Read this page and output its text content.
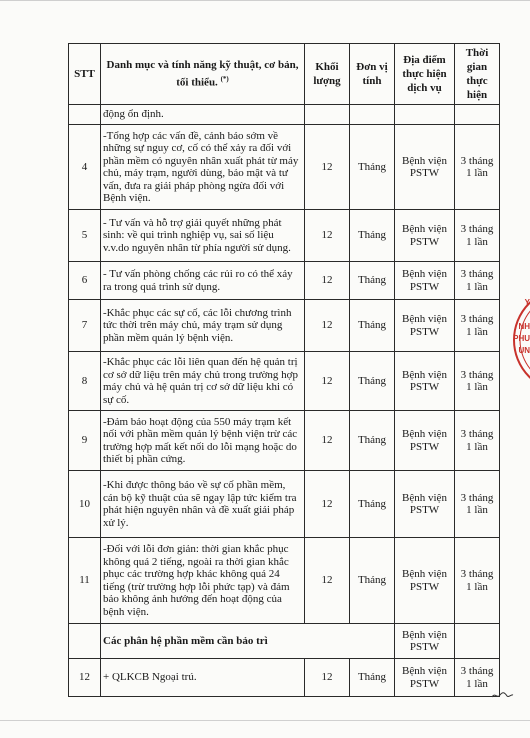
STT	Danh mục và tính năng kỹ thuật, cơ bản, tối thiểu. (*)	Khối lượng	Đơn vị tính	Địa điểm thực hiện dịch vụ	Thời gian thực hiện
	động ổn định.				
4	-Tổng hợp các vấn đề, cảnh báo sớm về những sự nguy cơ, cố có thể xảy ra đối với phần mềm có nguyên nhân xuất phát từ máy chủ, máy trạm, người dùng, bảo mật và tư vấn, đưa ra giải pháp phòng ngừa đối với Bệnh viện.	12	Tháng	Bệnh viện PSTW	3 tháng 1 lần
5	- Tư vấn và hỗ trợ giải quyết những phát sinh: về qui trình nghiệp vụ, sai số liệu v.v.do nguyên nhân từ phía người sử dụng.	12	Tháng	Bệnh viện PSTW	3 tháng 1 lần
6	- Tư vấn phòng chống các rủi ro có thể xảy ra trong quá trình sử dụng.	12	Tháng	Bệnh viện PSTW	3 tháng 1 lần
7	-Khắc phục các sự cố, các lỗi chương trình tức thời trên máy chủ, máy trạm sử dụng phần mềm quản lý bệnh viện.	12	Tháng	Bệnh viện PSTW	3 tháng 1 lần
8	-Khắc phục các lỗi liên quan đến hệ quản trị cơ sở dữ liệu trên máy chủ trong trường hợp máy chủ và hệ quản trị cơ sở dữ liệu khi có sự cố.	12	Tháng	Bệnh viện PSTW	3 tháng 1 lần
9	-Đảm bảo hoạt động của 550 máy trạm kết nối với phần mềm quản lý bệnh viện trừ các trường hợp mất kết nối do lỗi mạng hoặc do thiết bị phần cứng.	12	Tháng	Bệnh viện PSTW	3 tháng 1 lần
10	-Khi được thông báo về sự cố phần mềm, cán bộ kỹ thuật của sẽ ngay lập tức kiểm tra phát hiện nguyên nhân và đề xuất giải pháp xử lý.	12	Tháng	Bệnh viện PSTW	3 tháng 1 lần
11	-Đối với lỗi đơn giản: thời gian khắc phục không quá 2 tiếng, ngoài ra thời gian khắc phục các trường hợp khác không quá 24 tiếng (trừ trường hợp lỗi phức tạp) và đảm bảo không ảnh hưởng đến hoạt động của bệnh viện.	12	Tháng	Bệnh viện PSTW	3 tháng 1 lần
	Các phân hệ phần mềm cần bảo trì			Bệnh viện PSTW	
12	+ QLKCB Ngoại trú.	12	Tháng	Bệnh viện PSTW	3 tháng 1 lần
Y
NH
PHU
UN
